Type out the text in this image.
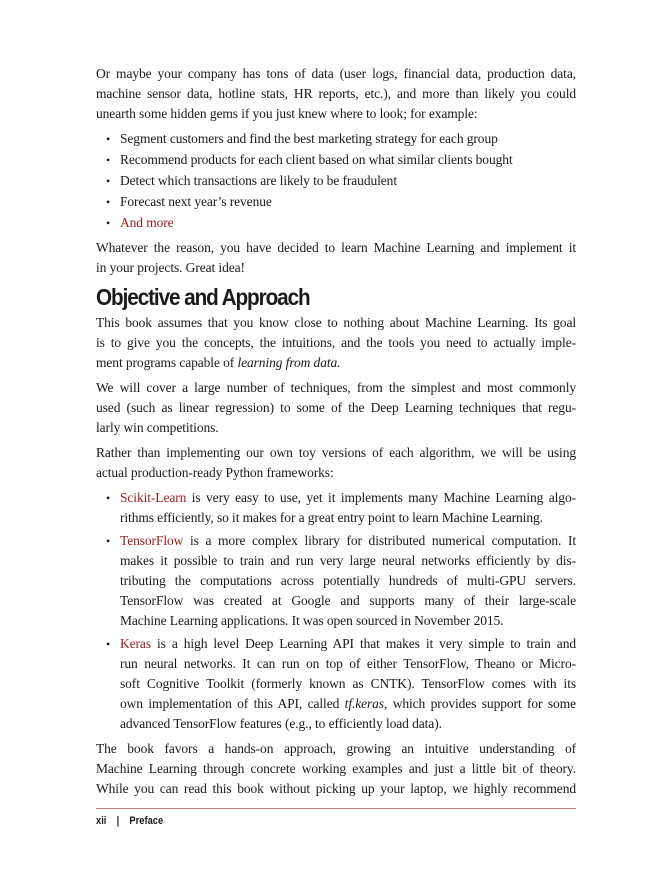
Or maybe your company has tons of data (user logs, financial data, production data,
machine sensor data, hotline stats, HR reports, etc.), and more than likely you could
unearth some hidden gems if you just knew where to look; for example:
• Segment customers and find the best marketing strategy for each group
• Recommend products for each client based on what similar clients bought
• Detect which transactions are likely to be fraudulent
• Forecast next year’s revenue
• And more
Whatever the reason, you have decided to learn Machine Learning and implement it
in your projects. Great idea!
Objective and Approach
This book assumes that you know close to nothing about Machine Learning. Its goal
is to give you the concepts, the intuitions, and the tools you need to actually imple-
ment programs capable of learning from data.
We will cover a large number of techniques, from the simplest and most commonly
used (such as linear regression) to some of the Deep Learning techniques that regu-
larly win competitions.
Rather than implementing our own toy versions of each algorithm, we will be using
actual production-ready Python frameworks:
• Scikit-Learn is very easy to use, yet it implements many Machine Learning algo-
rithms efficiently, so it makes for a great entry point to learn Machine Learning.
• TensorFlow is a more complex library for distributed numerical computation. It
makes it possible to train and run very large neural networks efficiently by dis-
tributing the computations across potentially hundreds of multi-GPU servers.
TensorFlow was created at Google and supports many of their large-scale
Machine Learning applications. It was open sourced in November 2015.
• Keras is a high level Deep Learning API that makes it very simple to train and
run neural networks. It can run on top of either TensorFlow, Theano or Micro-
soft Cognitive Toolkit (formerly known as CNTK). TensorFlow comes with its
own implementation of this API, called tf.keras, which provides support for some
advanced TensorFlow features (e.g., to efficiently load data).
The book favors a hands-on approach, growing an intuitive understanding of
Machine Learning through concrete working examples and just a little bit of theory.
While you can read this book without picking up your laptop, we highly recommend
xii | Preface
